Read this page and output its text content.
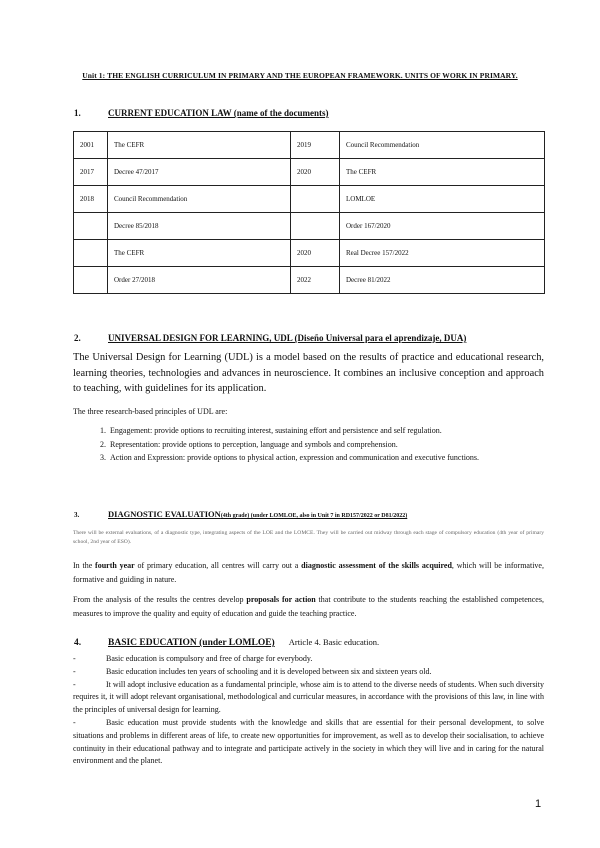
Unit 1: THE ENGLISH CURRICULUM IN PRIMARY AND THE EUROPEAN FRAMEWORK. UNITS OF WORK IN PRIMARY.
1.	CURRENT EDUCATION LAW (name of the documents)
2001	The CEFR	2019	Council Recommendation
2017	Decree 47/2017	2020	The CEFR
2018	Council Recommendation		LOMLOE
	Decree 85/2018		Order 167/2020
	The CEFR	2020	Real Decree 157/2022
	Order 27/2018	2022	Decree 81/2022
2.	UNIVERSAL DESIGN FOR LEARNING, UDL (Diseño Universal para el aprendizaje, DUA)
The Universal Design for Learning (UDL) is a model based on the results of practice and educational research, learning theories, technologies and advances in neuroscience. It combines an inclusive conception and approach to teaching, with guidelines for its application.
The three research-based principles of UDL are:
1. Engagement: provide options to recruiting interest, sustaining effort and persistence and self regulation.
2. Representation: provide options to perception, language and symbols and comprehension.
3. Action and Expression: provide options to physical action, expression and communication and executive functions.
3.	DIAGNOSTIC EVALUATION(4th grade) (under LOMLOE, also in Unit 7 in RD157/2022 or D81/2022)
There will be external evaluations, of a diagnostic type, integrating aspects of the LOE and the LOMCE. They will be carried out midway through each stage of compulsory education (4th year of primary school, 2nd year of ESO).
In the fourth year of primary education, all centres will carry out a diagnostic assessment of the skills acquired, which will be informative, formative and guiding in nature.
From the analysis of the results the centres develop proposals for action that contribute to the students reaching the established competences, measures to improve the quality and equity of education and guide the teaching practice.
4.	BASIC EDUCATION (under LOMLOE) Article 4. Basic education.
-	Basic education is compulsory and free of charge for everybody.
-	Basic education includes ten years of schooling and it is developed between six and sixteen years old.
-	It will adopt inclusive education as a fundamental principle, whose aim is to attend to the diverse needs of students. When such diversity requires it, it will adopt relevant organisational, methodological and curricular measures, in accordance with the provisions of this law, in line with the principles of universal design for learning.
-	Basic education must provide students with the knowledge and skills that are essential for their personal development, to solve situations and problems in different areas of life, to create new opportunities for improvement, as well as to develop their socialisation, to achieve continuity in their educational pathway and to integrate and participate actively in the society in which they will live and in caring for the natural environment and the planet.
1
